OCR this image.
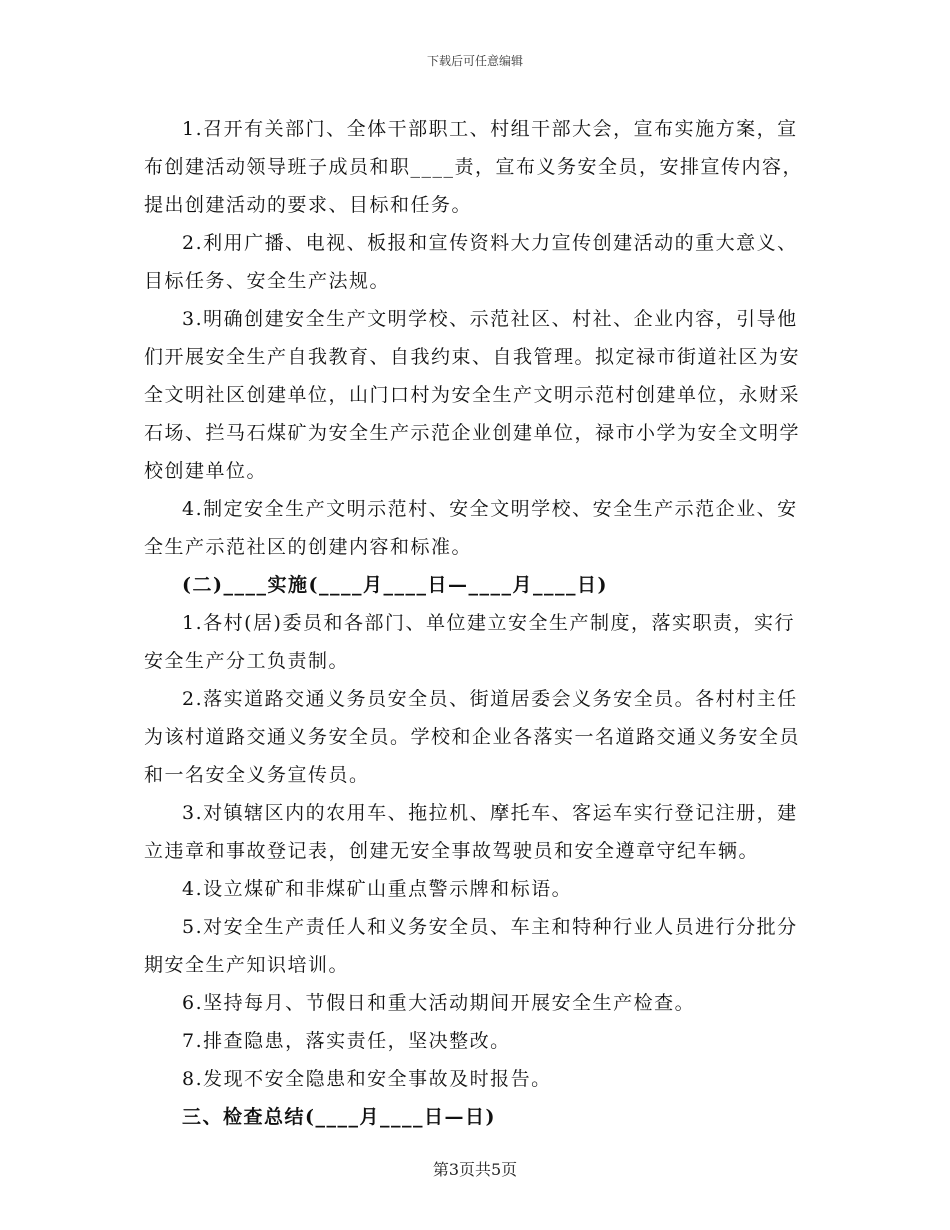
下载后可任意编辑

1.召开有关部门、全体干部职工、村组干部大会，宣布实施方案，宣布创建活动领导班子成员和职____责，宣布义务安全员，安排宣传内容，提出创建活动的要求、目标和任务。

2.利用广播、电视、板报和宣传资料大力宣传创建活动的重大意义、目标任务、安全生产法规。

3.明确创建安全生产文明学校、示范社区、村社、企业内容，引导他们开展安全生产自我教育、自我约束、自我管理。拟定禄市街道社区为安全文明社区创建单位，山门口村为安全生产文明示范村创建单位，永财采石场、拦马石煤矿为安全生产示范企业创建单位，禄市小学为安全文明学校创建单位。

4.制定安全生产文明示范村、安全文明学校、安全生产示范企业、安全生产示范社区的创建内容和标准。

(二)____实施(____月____日—____月____日)

1.各村(居)委员和各部门、单位建立安全生产制度，落实职责，实行安全生产分工负责制。

2.落实道路交通义务员安全员、街道居委会义务安全员。各村村主任为该村道路交通义务安全员。学校和企业各落实一名道路交通义务安全员和一名安全义务宣传员。

3.对镇辖区内的农用车、拖拉机、摩托车、客运车实行登记注册，建立违章和事故登记表，创建无安全事故驾驶员和安全遵章守纪车辆。

4.设立煤矿和非煤矿山重点警示牌和标语。

5.对安全生产责任人和义务安全员、车主和特种行业人员进行分批分期安全生产知识培训。

6.坚持每月、节假日和重大活动期间开展安全生产检查。

7.排查隐患，落实责任，坚决整改。

8.发现不安全隐患和安全事故及时报告。

三、检查总结(____月____日—日)

第3页共5页
